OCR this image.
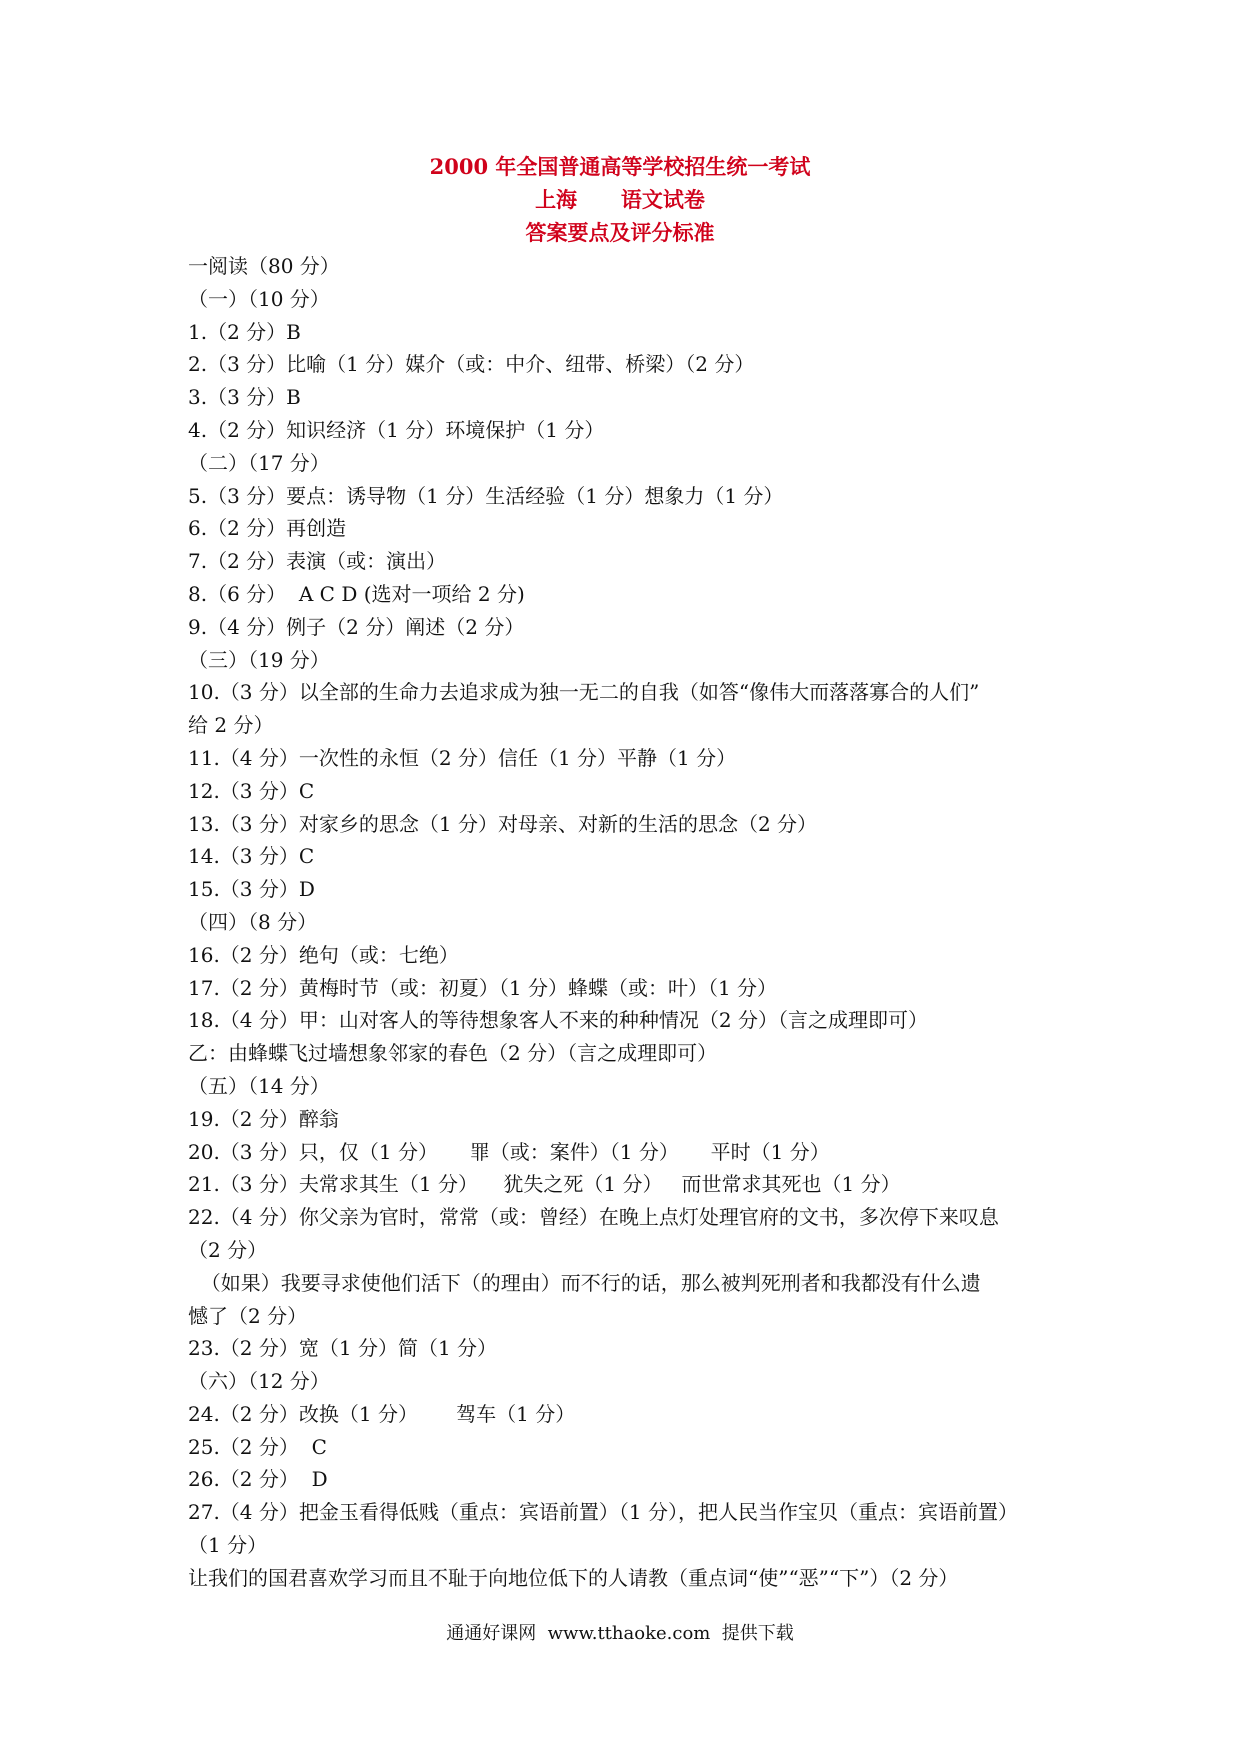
2000 年全国普通高等学校招生统一考试
上海      语文试卷
答案要点及评分标准
一阅读（80 分）
（一）（10 分）
1.（2 分）B
2.（3 分）比喻（1 分）媒介（或：中介、纽带、桥梁）（2 分）
3.（3 分）B
4.（2 分）知识经济（1 分）环境保护（1 分）
（二）（17 分）
5.（3 分）要点：诱导物（1 分）生活经验（1 分）想象力（1 分）
6.（2 分）再创造
7.（2 分）表演（或：演出）
8.（6 分）  A C D (选对一项给 2 分)
9.（4 分）例子（2 分）阐述（2 分）
（三）（19 分）
10.（3 分）以全部的生命力去追求成为独一无二的自我（如答“像伟大而落落寡合的人们”
给 2 分）
11.（4 分）一次性的永恒（2 分）信任（1 分）平静（1 分）
12.（3 分）C
13.（3 分）对家乡的思念（1 分）对母亲、对新的生活的思念（2 分）
14.（3 分）C
15.（3 分）D
（四）（8 分）
16.（2 分）绝句（或：七绝）
17.（2 分）黄梅时节（或：初夏）（1 分）蜂蝶（或：叶）（1 分）
18.（4 分）甲：山对客人的等待想象客人不来的种种情况（2 分）（言之成理即可）
乙：由蜂蝶飞过墙想象邻家的春色（2 分）（言之成理即可）
（五）（14 分）
19.（2 分）醉翁
20.（3 分）只，仅（1 分）     罪（或：案件）（1 分）     平时（1 分）
21.（3 分）夫常求其生（1 分）    犹失之死（1 分）   而世常求其死也（1 分）
22.（4 分）你父亲为官时，常常（或：曾经）在晚上点灯处理官府的文书，多次停下来叹息
（2 分）
（如果）我要寻求使他们活下（的理由）而不行的话，那么被判死刑者和我都没有什么遗
憾了（2 分）
23.（2 分）宽（1 分）简（1 分）
（六）（12 分）
24.（2 分）改换（1 分）      驾车（1 分）
25.（2 分）  C
26.（2 分）  D
27.（4 分）把金玉看得低贱（重点：宾语前置）（1 分），把人民当作宝贝（重点：宾语前置）
（1 分）
让我们的国君喜欢学习而且不耻于向地位低下的人请教（重点词“使”“恶”“下”）（2 分）
通通好课网  www.tthaoke.com  提供下载
